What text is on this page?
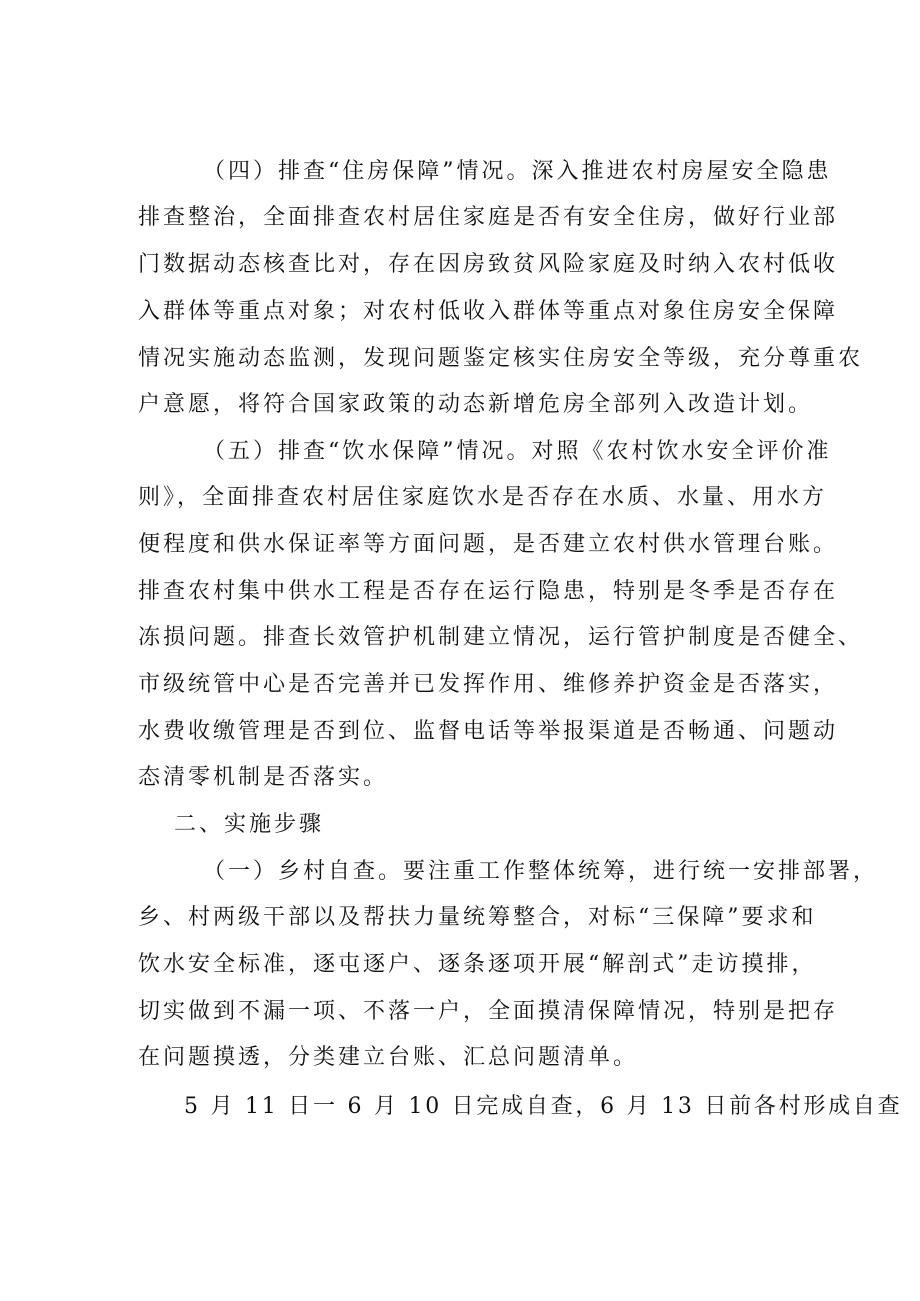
（四）排查“住房保障”情况。深入推进农村房屋安全隐患
排查整治，全面排查农村居住家庭是否有安全住房，做好行业部
门数据动态核查比对，存在因房致贫风险家庭及时纳入农村低收
入群体等重点对象；对农村低收入群体等重点对象住房安全保障
情况实施动态监测，发现问题鉴定核实住房安全等级，充分尊重农
户意愿，将符合国家政策的动态新增危房全部列入改造计划。
（五）排查“饮水保障”情况。对照《农村饮水安全评价准
则》，全面排查农村居住家庭饮水是否存在水质、水量、用水方
便程度和供水保证率等方面问题，是否建立农村供水管理台账。
排查农村集中供水工程是否存在运行隐患，特别是冬季是否存在
冻损问题。排查长效管护机制建立情况，运行管护制度是否健全、
市级统管中心是否完善并已发挥作用、维修养护资金是否落实，
水费收缴管理是否到位、监督电话等举报渠道是否畅通、问题动
态清零机制是否落实。
二、实施步骤
（一）乡村自查。要注重工作整体统筹，进行统一安排部署，
乡、村两级干部以及帮扶力量统筹整合，对标“三保障”要求和
饮水安全标准，逐屯逐户、逐条逐项开展“解剖式”走访摸排，
切实做到不漏一项、不落一户，全面摸清保障情况，特别是把存
在问题摸透，分类建立台账、汇总问题清单。
5 月 11 日一 6 月 10 日完成自查，6 月 13 日前各村形成自查
